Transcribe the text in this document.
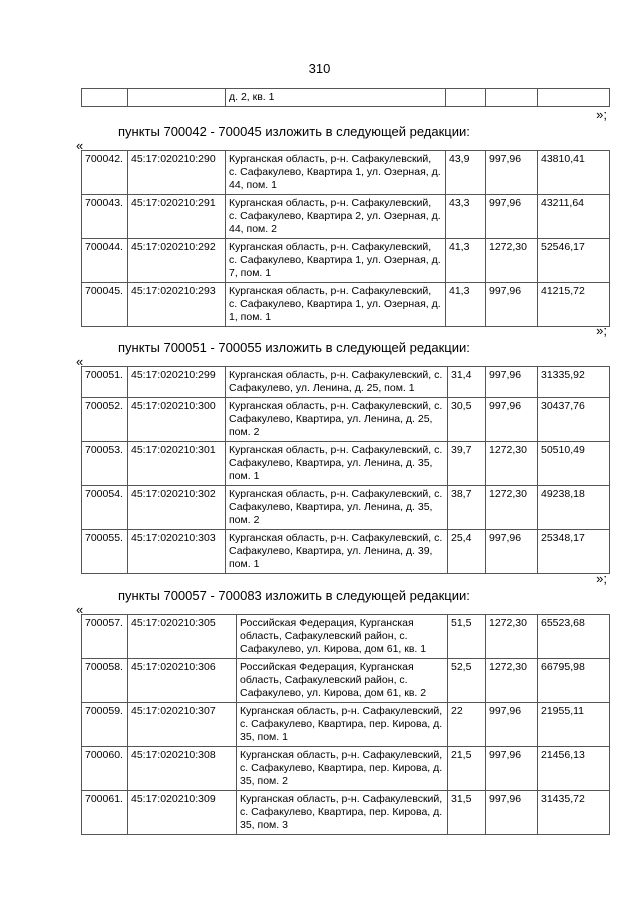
310
		д. 2, кв. 1			
»;
пункты 700042 - 700045 изложить в следующей редакции:
«
700042.	45:17:020210:290	Курганская область, р-н. Сафакулевский, с. Сафакулево, Квартира 1, ул. Озерная, д. 44, пом. 1	43,9	997,96	43810,41
700043.	45:17:020210:291	Курганская область, р-н. Сафакулевский, с. Сафакулево, Квартира 2, ул. Озерная, д. 44, пом. 2	43,3	997,96	43211,64
700044.	45:17:020210:292	Курганская область, р-н. Сафакулевский, с. Сафакулево, Квартира 1, ул. Озерная, д. 7, пом. 1	41,3	1272,30	52546,17
700045.	45:17:020210:293	Курганская область, р-н. Сафакулевский, с. Сафакулево, Квартира 1, ул. Озерная, д. 1, пом. 1	41,3	997,96	41215,72
»;
пункты 700051 - 700055 изложить в следующей редакции:
«
700051.	45:17:020210:299	Курганская область, р-н. Сафакулевский, с. Сафакулево, ул. Ленина, д. 25, пом. 1	31,4	997,96	31335,92
700052.	45:17:020210:300	Курганская область, р-н. Сафакулевский, с. Сафакулево, Квартира, ул. Ленина, д. 25, пом. 2	30,5	997,96	30437,76
700053.	45:17:020210:301	Курганская область, р-н. Сафакулевский, с. Сафакулево, Квартира, ул. Ленина, д. 35, пом. 1	39,7	1272,30	50510,49
700054.	45:17:020210:302	Курганская область, р-н. Сафакулевский, с. Сафакулево, Квартира, ул. Ленина, д. 35, пом. 2	38,7	1272,30	49238,18
700055.	45:17:020210:303	Курганская область, р-н. Сафакулевский, с. Сафакулево, Квартира, ул. Ленина, д. 39, пом. 1	25,4	997,96	25348,17
»;
пункты 700057 - 700083 изложить в следующей редакции:
«
700057.	45:17:020210:305	Российская Федерация, Курганская область, Сафакулевский район, с. Сафакулево, ул. Кирова, дом 61, кв. 1	51,5	1272,30	65523,68
700058.	45:17:020210:306	Российская Федерация, Курганская область, Сафакулевский район, с. Сафакулево, ул. Кирова, дом 61, кв. 2	52,5	1272,30	66795,98
700059.	45:17:020210:307	Курганская область, р-н. Сафакулевский, с. Сафакулево, Квартира, пер. Кирова, д. 35, пом. 1	22	997,96	21955,11
700060.	45:17:020210:308	Курганская область, р-н. Сафакулевский, с. Сафакулево, Квартира, пер. Кирова, д. 35, пом. 2	21,5	997,96	21456,13
700061.	45:17:020210:309	Курганская область, р-н. Сафакулевский, с. Сафакулево, Квартира, пер. Кирова, д. 35, пом. 3	31,5	997,96	31435,72
